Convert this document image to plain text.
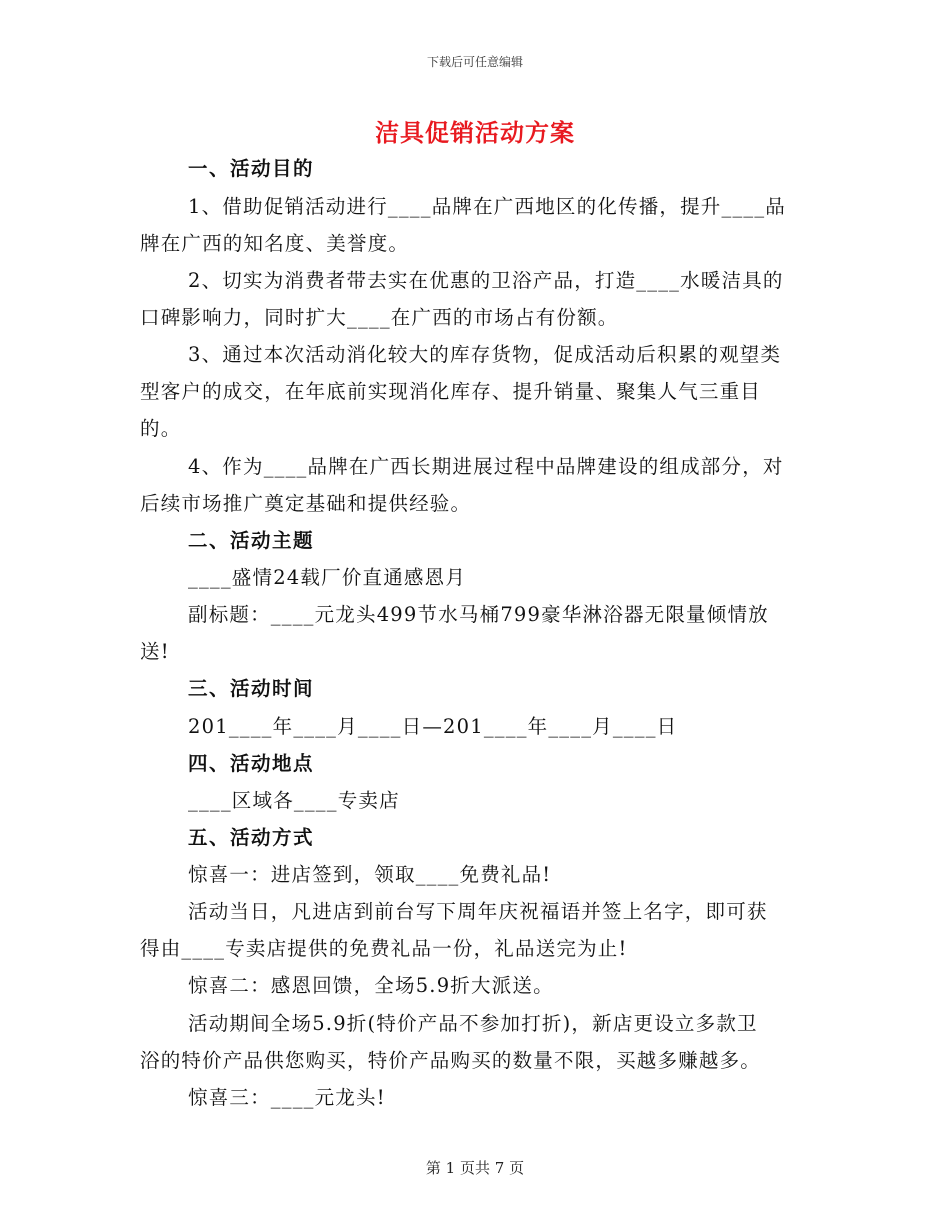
下载后可任意编辑
洁具促销活动方案
一、活动目的
1、借助促销活动进行____品牌在广西地区的化传播，提升____品
牌在广西的知名度、美誉度。
2、切实为消费者带去实在优惠的卫浴产品，打造____水暖洁具的
口碑影响力，同时扩大____在广西的市场占有份额。
3、通过本次活动消化较大的库存货物，促成活动后积累的观望类
型客户的成交，在年底前实现消化库存、提升销量、聚集人气三重目
的。
4、作为____品牌在广西长期进展过程中品牌建设的组成部分，对
后续市场推广奠定基础和提供经验。
二、活动主题
____盛情24载厂价直通感恩月
副标题：____元龙头499节水马桶799豪华淋浴器无限量倾情放
送!
三、活动时间
201____年____月____日—201____年____月____日
四、活动地点
____区域各____专卖店
五、活动方式
惊喜一：进店签到，领取____免费礼品!
活动当日，凡进店到前台写下周年庆祝福语并签上名字，即可获
得由____专卖店提供的免费礼品一份，礼品送完为止!
惊喜二：感恩回馈，全场5.9折大派送。
活动期间全场5.9折(特价产品不参加打折)，新店更设立多款卫
浴的特价产品供您购买，特价产品购买的数量不限，买越多赚越多。
惊喜三：____元龙头!
第 1 页共 7 页
